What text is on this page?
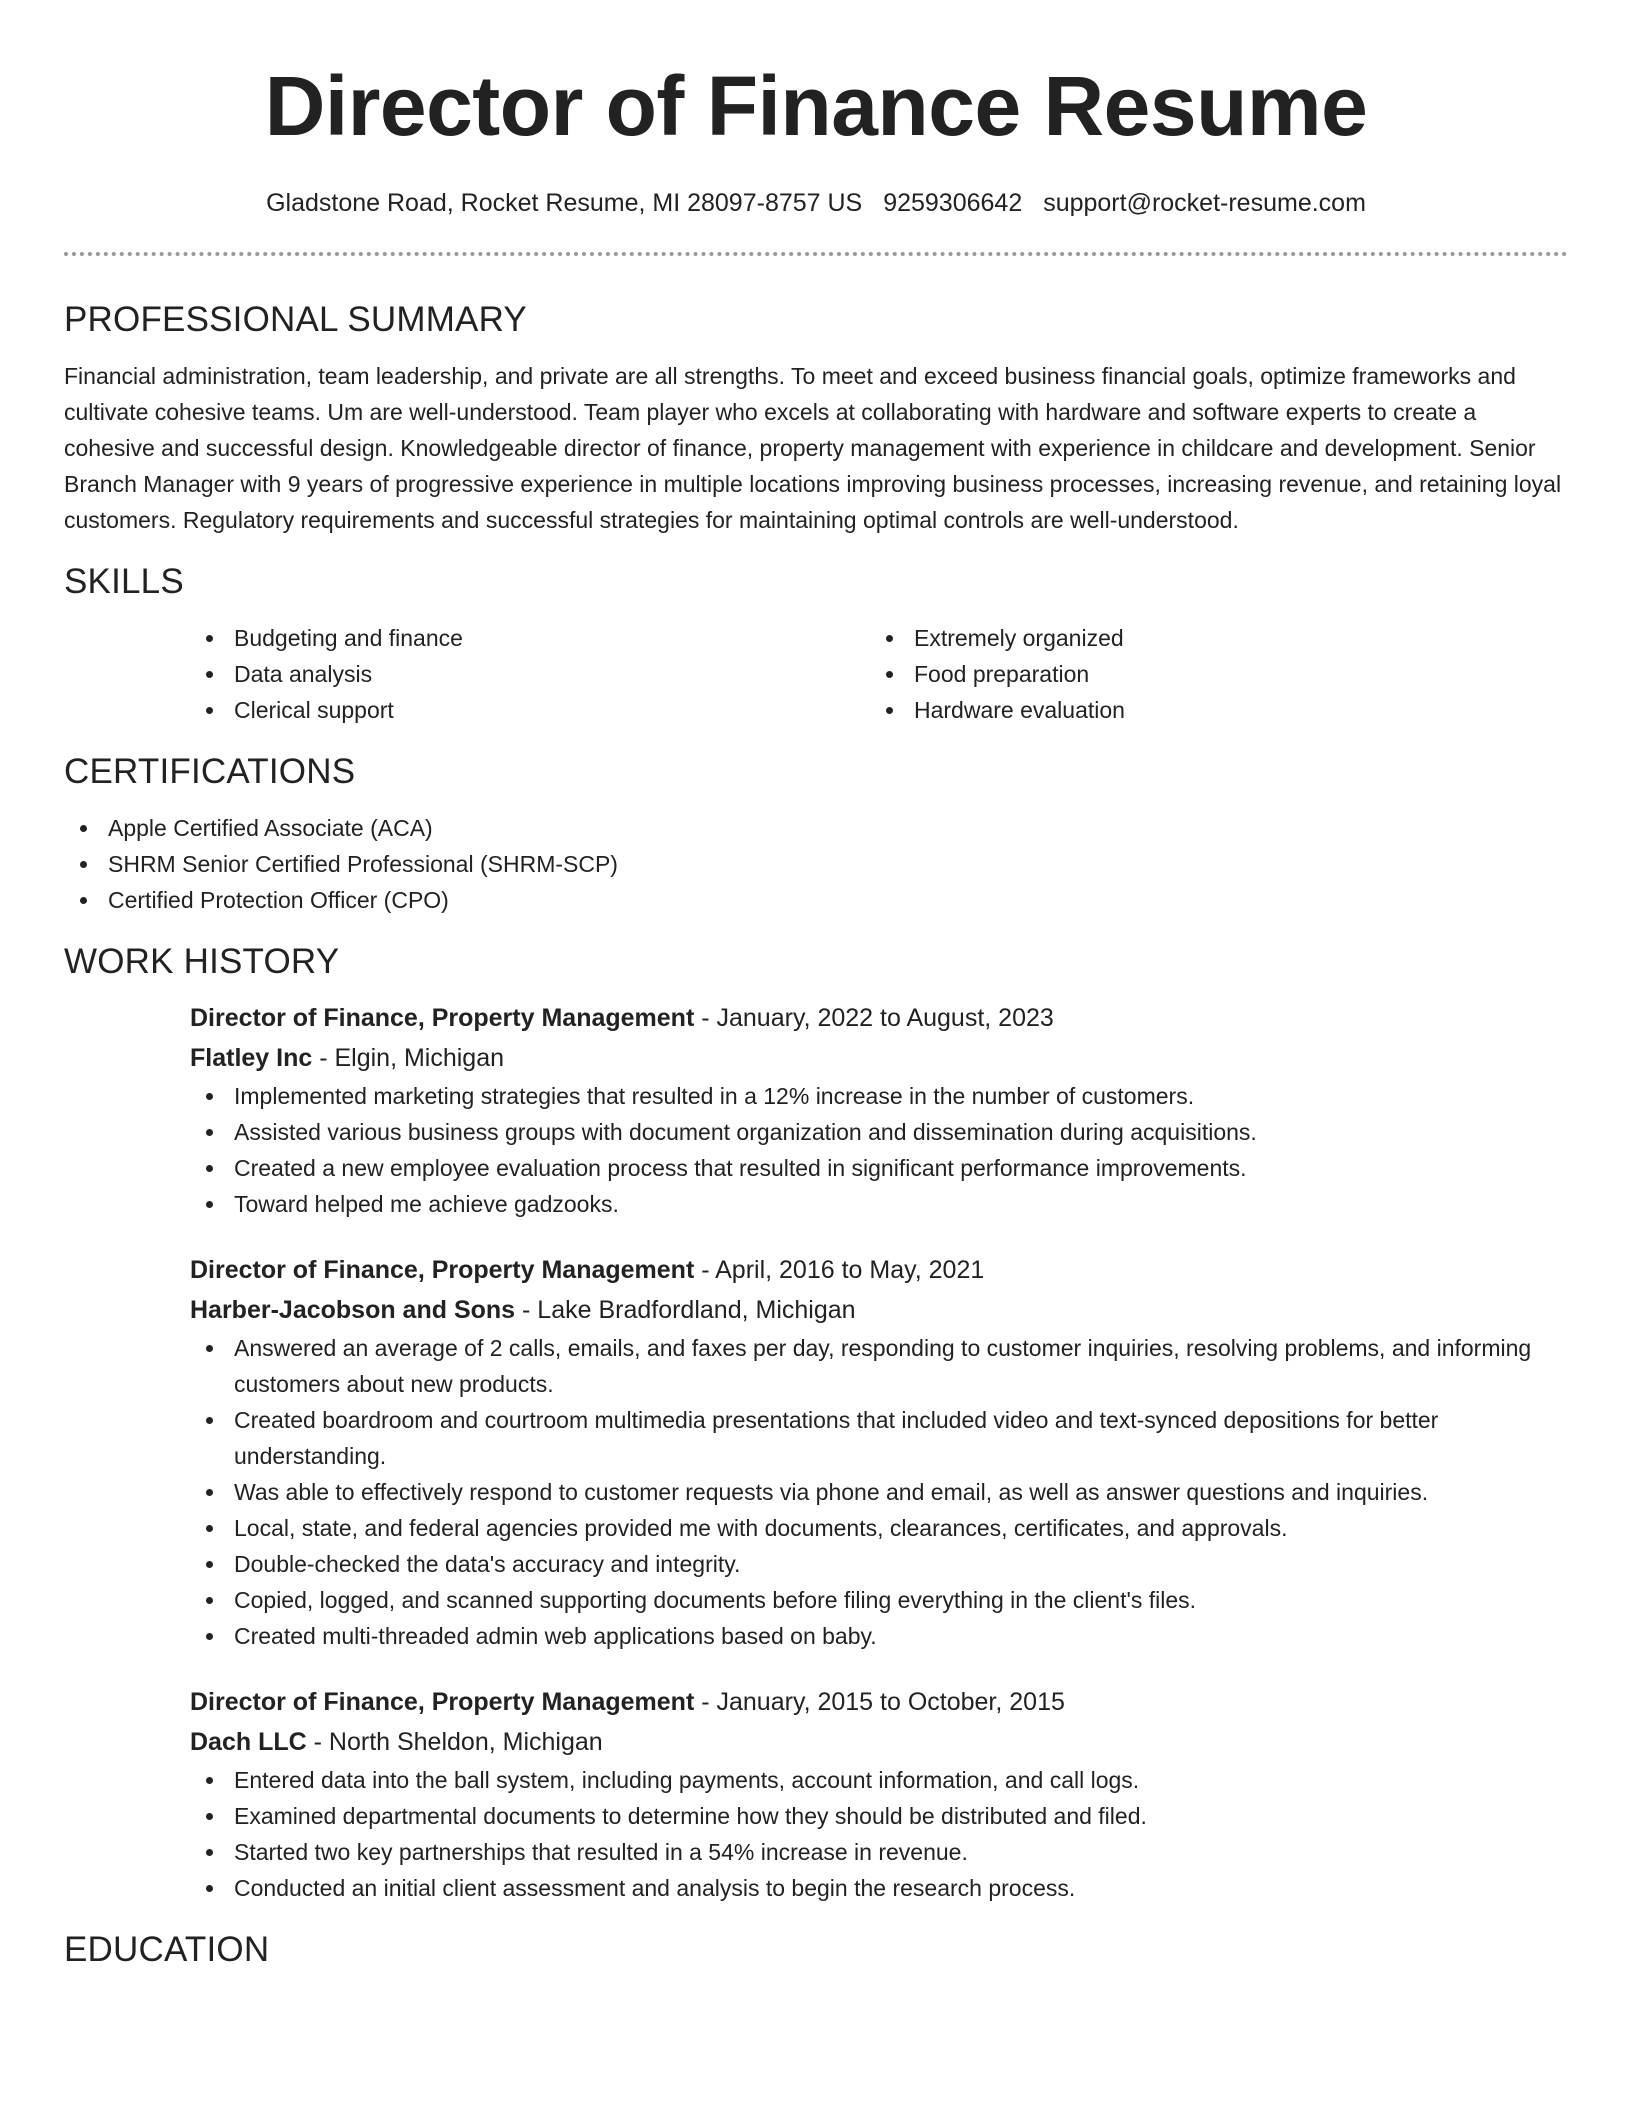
Director of Finance Resume
Gladstone Road, Rocket Resume, MI 28097-8757 US 9259306642 support@rocket-resume.com
PROFESSIONAL SUMMARY

Financial administration, team leadership, and private are all strengths. To meet and exceed business financial goals, optimize frameworks and cultivate cohesive teams. Um are well-understood. Team player who excels at collaborating with hardware and software experts to create a cohesive and successful design. Knowledgeable director of finance, property management with experience in childcare and development. Senior Branch Manager with 9 years of progressive experience in multiple locations improving business processes, increasing revenue, and retaining loyal customers. Regulatory requirements and successful strategies for maintaining optimal controls are well-understood.

SKILLS
Budgeting and finance
Data analysis
Clerical support
Extremely organized
Food preparation
Hardware evaluation
CERTIFICATIONS
Apple Certified Associate (ACA)
SHRM Senior Certified Professional (SHRM-SCP)
Certified Protection Officer (CPO)
WORK HISTORY
Director of Finance, Property Management - January, 2022 to August, 2023
Flatley Inc - Elgin, Michigan
Implemented marketing strategies that resulted in a 12% increase in the number of customers.
Assisted various business groups with document organization and dissemination during acquisitions.
Created a new employee evaluation process that resulted in significant performance improvements.
Toward helped me achieve gadzooks.
Director of Finance, Property Management - April, 2016 to May, 2021
Harber-Jacobson and Sons - Lake Bradfordland, Michigan
Answered an average of 2 calls, emails, and faxes per day, responding to customer inquiries, resolving problems, and informing customers about new products.
Created boardroom and courtroom multimedia presentations that included video and text-synced depositions for better understanding.
Was able to effectively respond to customer requests via phone and email, as well as answer questions and inquiries.
Local, state, and federal agencies provided me with documents, clearances, certificates, and approvals.
Double-checked the data's accuracy and integrity.
Copied, logged, and scanned supporting documents before filing everything in the client's files.
Created multi-threaded admin web applications based on baby.
Director of Finance, Property Management - January, 2015 to October, 2015
Dach LLC - North Sheldon, Michigan
Entered data into the ball system, including payments, account information, and call logs.
Examined departmental documents to determine how they should be distributed and filed.
Started two key partnerships that resulted in a 54% increase in revenue.
Conducted an initial client assessment and analysis to begin the research process.
EDUCATION
